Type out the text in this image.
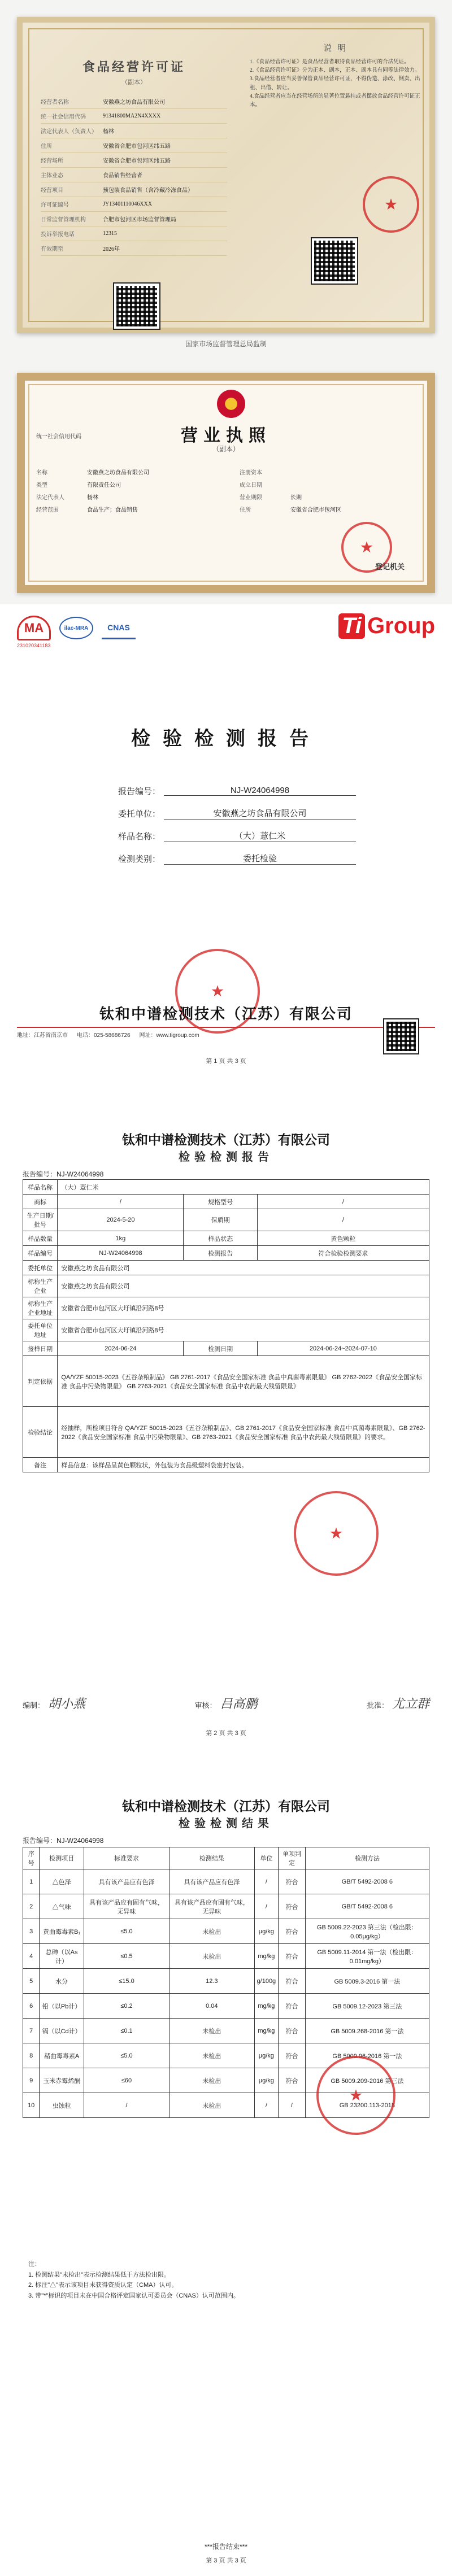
食品经营许可证
（副本）
经营者名称	安徽燕之坊食品有限公司
统一社会信用代码	91341800MA2N4XXXX
法定代表人（负责人）	杨林
住所	安徽省合肥市包河区纬五路
经营场所	安徽省合肥市包河区纬五路
主体业态	食品销售经营者
经营项目	预包装食品销售（含冷藏冷冻食品）
许可证编号	JY13401110046XXX
日常监督管理机构	合肥市包河区市场监督管理局
投诉举报电话	12315
有效期至	2026年
说明

1.《食品经营许可证》是食品经营者取得食品经营许可的合法凭证。

2.《食品经营许可证》分为正本、副本，正本、副本具有同等法律效力。

3.食品经营者应当妥善保管食品经营许可证，不得伪造、涂改、倒卖、出租、出借、转让。

4.食品经营者应当在经营场所的显著位置悬挂或者摆放食品经营许可证正本。

★
国家市场监督管理总局监制
统一社会信用代码	营业执照
（副本）
名称	安徽燕之坊食品有限公司
类型	有限责任公司
法定代表人	杨林
经营范围	食品生产；食品销售
注册资本
成立日期
营业期限	长期
住所	安徽省合肥市包河区
★
登记机关
MA
231020341183
ilac-MRA	CNAS	Ti Group
检验检测报告
报告编号：	NJ-W24064998
委托单位：	安徽燕之坊食品有限公司
样品名称：	（大）薏仁米
检测类别：	委托检验
★
钛和中谱检测技术（江苏）有限公司
地址：江苏省南京市 电话：025-58686726 网址：www.tigroup.com
第 1 页 共 3 页
钛和中谱检测技术（江苏）有限公司
检验检测报告
报告编号：NJ-W24064998
样品名称	（大）薏仁米		
商标	/	规格型号	/
生产日期/批号	2024-5-20	保质期	/
样品数量	1kg	样品状态	黄色颗粒
样品编号	NJ-W24064998	检测报告	符合检验检测要求
委托单位	安徽燕之坊食品有限公司		
标称生产企业	安徽燕之坊食品有限公司		
标称生产企业地址	安徽省合肥市包河区大圩镇沿河路8号		
委托单位地址	安徽省合肥市包河区大圩镇沿河路8号		
接样日期	2024-06-24	检测日期	2024-06-24~2024-07-10
判定依据	QA/YZF 50015-2023《五谷杂粮制品》 GB 2761-2017《食品安全国家标准 食品中真菌毒素限量》 GB 2762-2022《食品安全国家标准 食品中污染物限量》 GB 2763-2021《食品安全国家标准 食品中农药最大残留限量》		
检验结论	经抽样，所检项目符合 QA/YZF 50015-2023《五谷杂粮制品》、GB 2761-2017《食品安全国家标准 食品中真菌毒素限量》、GB 2762-2022《食品安全国家标准 食品中污染物限量》、GB 2763-2021《食品安全国家标准 食品中农药最大残留限量》的要求。		
备注	样品信息：该样品呈黄色颗粒状，外包装为食品级塑料袋密封包装。		
★
编制： 胡小燕	审核： 吕高鹏	批准： 尤立群
第 2 页 共 3 页
钛和中谱检测技术（江苏）有限公司
检验检测结果
报告编号：NJ-W24064998
序号	检测项目	标准要求	检测结果	单位	单项判定	检测方法
1	△色泽	具有该产品应有色泽	具有该产品应有色泽	/	符合	GB/T 5492-2008 6
2	△气味	具有该产品应有固有气味，无异味	具有该产品应有固有气味，无异味	/	符合	GB/T 5492-2008 6
3	黄曲霉毒素B₁	≤5.0	未检出	μg/kg	符合	GB 5009.22-2023 第三法（检出限：0.05μg/kg）
4	总砷（以As计）	≤0.5	未检出	mg/kg	符合	GB 5009.11-2014 第一法（检出限：0.01mg/kg）
5	水分	≤15.0	12.3	g/100g	符合	GB 5009.3-2016 第一法
6	铅（以Pb计）	≤0.2	0.04	mg/kg	符合	GB 5009.12-2023 第三法
7	镉（以Cd计）	≤0.1	未检出	mg/kg	符合	GB 5009.268-2016 第一法
8	赭曲霉毒素A	≤5.0	未检出	μg/kg	符合	GB 5009.96-2016 第一法
9	玉米赤霉烯酮	≤60	未检出	μg/kg	符合	GB 5009.209-2016 第三法
10	虫蚀粒	/	未检出	/	/	GB 23200.113-2018
★

注：

1. 检测结果"未检出"表示检测结果低于方法检出限。

2. 标注"△"表示该项目未获得资质认定（CMA）认可。

3. 带"*"标识的项目未在中国合格评定国家认可委员会（CNAS）认可范围内。

***报告结束***
第 3 页 共 3 页
